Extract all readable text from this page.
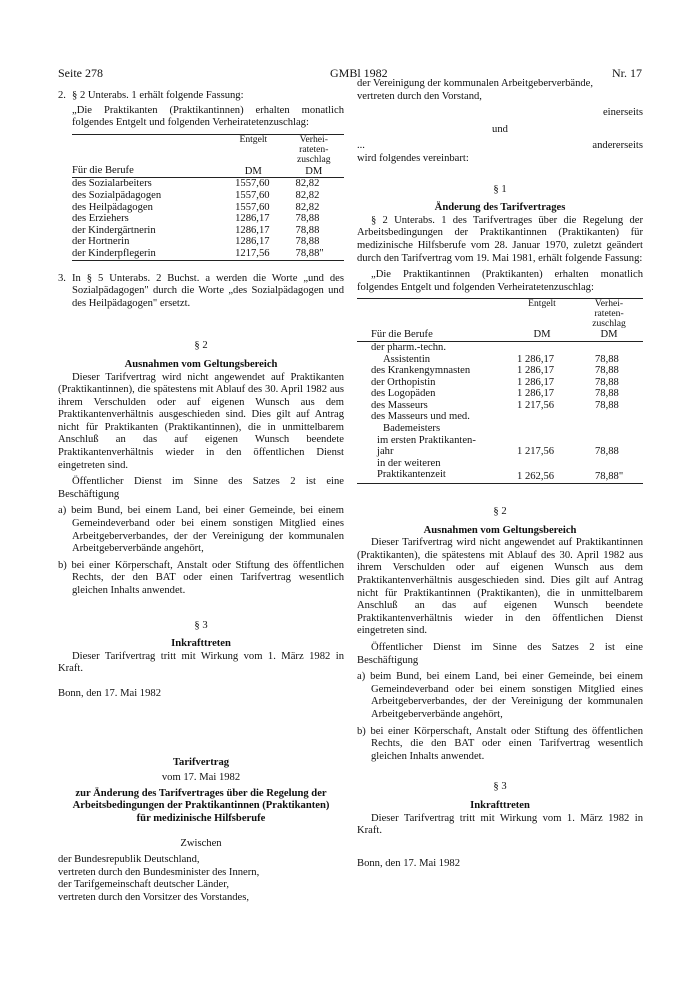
Seite 278	GMBl 1982	Nr. 17
2. § 2 Unterabs. 1 erhält folgende Fassung:

„Die Praktikanten (Praktikantinnen) erhalten monatlich folgendes Entgelt und folgenden Verheiratetenzuschlag:

	Entgelt	Verhei-
rateten-
zuschlag
Für die Berufe	DM	DM
des Sozialarbeiters	1557,60	82,82
des Sozialpädagogen	1557,60	82,82
des Heilpädagogen	1557,60	82,82
des Erziehers	1286,17	78,88
der Kindergärtnerin	1286,17	78,88
der Hortnerin	1286,17	78,88
der Kinderpflegerin	1217,56	78,88"
3. In § 5 Unterabs. 2 Buchst. a werden die Worte „und des Sozialpädagogen" durch die Worte „des Sozialpädagogen und des Heilpädagogen" ersetzt.

§ 2

Ausnahmen vom Geltungsbereich

Dieser Tarifvertrag wird nicht angewendet auf Praktikanten (Praktikantinnen), die spätestens mit Ablauf des 30. April 1982 aus ihrem Verschulden oder auf eigenen Wunsch aus dem Praktikantenverhältnis ausgeschieden sind. Dies gilt auf Antrag nicht für Praktikanten (Praktikantinnen), die in unmittelbarem Anschluß an das auf eigenen Wunsch beendete Praktikantenverhältnis wieder in den öffentlichen Dienst eingetreten sind.

Öffentlicher Dienst im Sinne des Satzes 2 ist eine Beschäftigung

a) beim Bund, bei einem Land, bei einer Gemeinde, bei einem Gemeindeverband oder bei einem sonstigen Mitglied eines Arbeitgeberverbandes, der der Vereinigung der kommunalen Arbeitgeberverbände angehört,

b) bei einer Körperschaft, Anstalt oder Stiftung des öffentlichen Rechts, der den BAT oder einen Tarifvertrag wesentlich gleichen Inhalts anwendet.

§ 3

Inkrafttreten

Dieser Tarifvertrag tritt mit Wirkung vom 1. März 1982 in Kraft.

Bonn, den 17. Mai 1982

Tarifvertrag

vom 17. Mai 1982

zur Änderung des Tarifvertrages über die Regelung der Arbeitsbedingungen der Praktikantinnen (Praktikanten) für medizinische Hilfsberufe

Zwischen

der Bundesrepublik Deutschland,

vertreten durch den Bundesminister des Innern,

der Tarifgemeinschaft deutscher Länder,

vertreten durch den Vorsitzer des Vorstandes,

der Vereinigung der kommunalen Arbeitgeberverbände,

vertreten durch den Vorstand,

einerseits

und

...	andererseits

wird folgendes vereinbart:

§ 1

Änderung des Tarifvertrages

§ 2 Unterabs. 1 des Tarifvertrages über die Regelung der Arbeitsbedingungen der Praktikantinnen (Praktikanten) für medizinische Hilfsberufe vom 28. Januar 1970, zuletzt geändert durch den Tarifvertrag vom 19. Mai 1981, erhält folgende Fassung:

„Die Praktikantinnen (Praktikanten) erhalten monatlich folgendes Entgelt und folgenden Verheiratetenzuschlag:

	Entgelt	Verhei-
rateten-
zuschlag
Für die Berufe	DM	DM
der pharm.-techn.		
Assistentin	1 286,17	78,88
des Krankengymnasten	1 286,17	78,88
der Orthopistin	1 286,17	78,88
des Logopäden	1 286,17	78,88
des Masseurs	1 217,56	78,88
des Masseurs und med.		
Bademeisters		
im ersten Praktikanten-		
jahr	1 217,56	78,88
in der weiteren		
Praktikantenzeit	1 262,56	78,88"

§ 2

Ausnahmen vom Geltungsbereich

Dieser Tarifvertrag wird nicht angewendet auf Praktikantinnen (Praktikanten), die spätestens mit Ablauf des 30. April 1982 aus ihrem Verschulden oder auf eigenen Wunsch aus dem Praktikantenverhältnis ausgeschieden sind. Dies gilt auf Antrag nicht für Praktikantinnen (Praktikanten), die in unmittelbarem Anschluß an das auf eigenen Wunsch beendete Praktikantenverhältnis wieder in den öffentlichen Dienst eingetreten sind.

Öffentlicher Dienst im Sinne des Satzes 2 ist eine Beschäftigung

a) beim Bund, bei einem Land, bei einer Gemeinde, bei einem Gemeindeverband oder bei einem sonstigen Mitglied eines Arbeitgeberverbandes, der der Vereinigung der kommunalen Arbeitgeberverbände angehört,

b) bei einer Körperschaft, Anstalt oder Stiftung des öffentlichen Rechts, die den BAT oder einen Tarifvertrag wesentlich gleichen Inhalts anwendet.

§ 3

Inkrafttreten

Dieser Tarifvertrag tritt mit Wirkung vom 1. März 1982 in Kraft.

Bonn, den 17. Mai 1982
